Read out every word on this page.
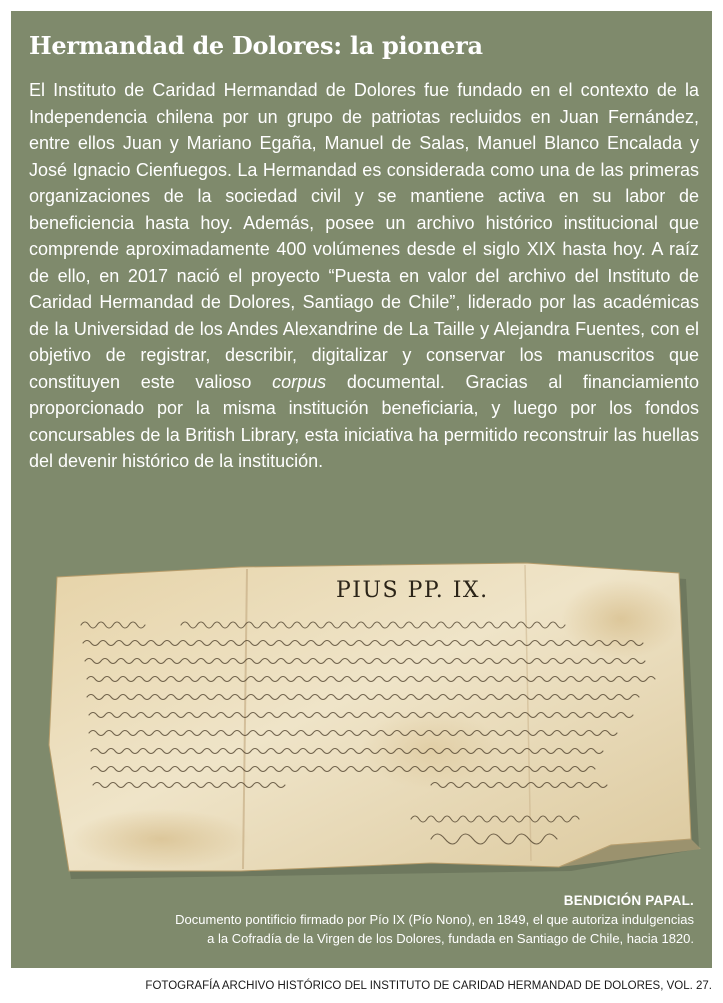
Hermandad de Dolores: la pionera

El Instituto de Caridad Hermandad de Dolores fue fundado en el contexto de la Independencia chilena por un grupo de patriotas recluidos en Juan Fernández, entre ellos Juan y Mariano Egaña, Manuel de Salas, Manuel Blanco Encalada y José Ignacio Cienfuegos. La Hermandad es considerada como una de las primeras organizaciones de la sociedad civil y se mantiene activa en su labor de beneficiencia hasta hoy. Además, posee un archivo histórico institucional que comprende aproximadamente 400 volúmenes desde el siglo XIX hasta hoy. A raíz de ello, en 2017 nació el proyecto “Puesta en valor del archivo del Instituto de Caridad Hermandad de Dolores, Santiago de Chile”, liderado por las académicas de la Universidad de los Andes Alexandrine de La Taille y Alejandra Fuentes, con el objetivo de registrar, describir, digitalizar y conservar los manuscritos que constituyen este valioso corpus documental. Gracias al financiamiento proporcionado por la misma institución beneficiaria, y luego por los fondos concursables de la British Library, esta iniciativa ha permitido reconstruir las huellas del devenir histórico de la institución.

PIUS PP. IX.
BENDICIÓN PAPAL.
Documento pontificio firmado por Pío IX (Pío Nono), en 1849, el que autoriza indulgencias
a la Cofradía de la Virgen de los Dolores, fundada en Santiago de Chile, hacia 1820.
FOTOGRAFÍA ARCHIVO HISTÓRICO DEL INSTITUTO DE CARIDAD HERMANDAD DE DOLORES, VOL. 27.
